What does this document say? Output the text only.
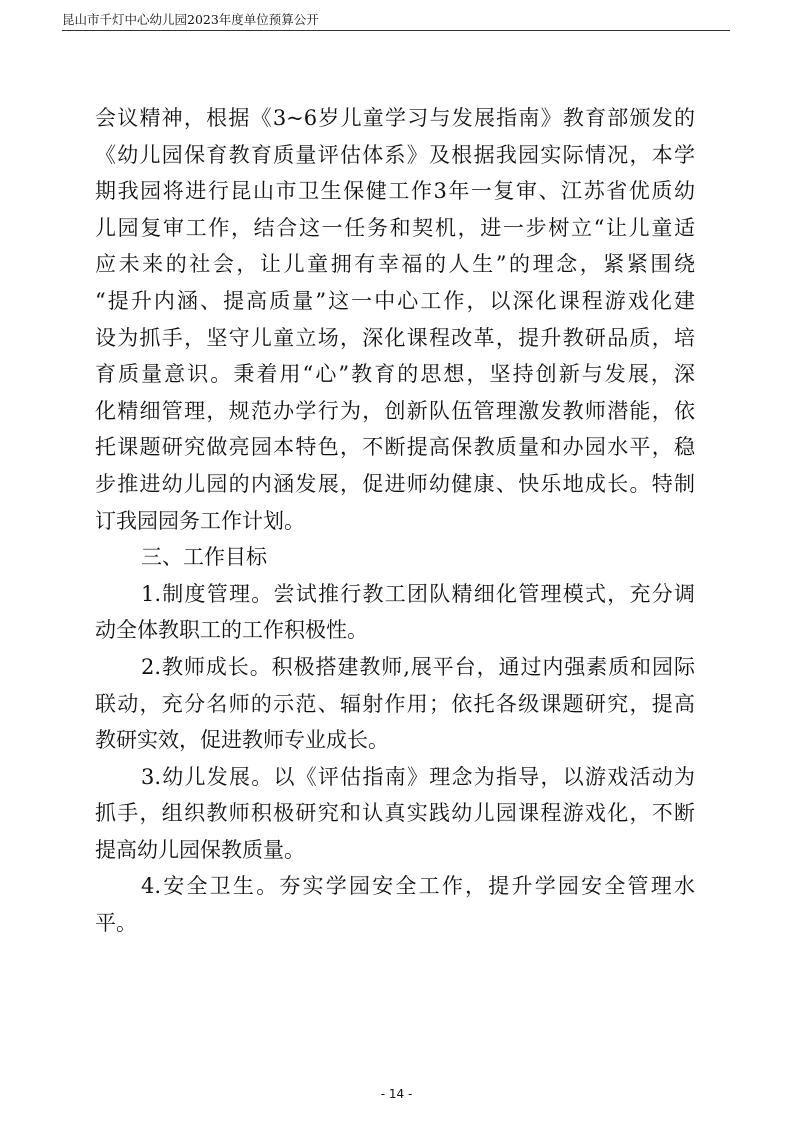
昆山市千灯中心幼儿园2023年度单位预算公开
会议精神，根据《3~6岁儿童学习与发展指南》教育部颁发的
《幼儿园保育教育质量评估体系》及根据我园实际情况，本学
期我园将进行昆山市卫生保健工作3年一复审、江苏省优质幼
儿园复审工作，结合这一任务和契机，进一步树立“让儿童适
应未来的社会，让儿童拥有幸福的人生”的理念，紧紧围绕
“提升内涵、提高质量”这一中心工作，以深化课程游戏化建
设为抓手，坚守儿童立场，深化课程改革，提升教研品质，培
育质量意识。秉着用“心”教育的思想，坚持创新与发展，深
化精细管理，规范办学行为，创新队伍管理激发教师潜能，依
托课题研究做亮园本特色，不断提高保教质量和办园水平，稳
步推进幼儿园的内涵发展，促进师幼健康、快乐地成长。特制
订我园园务工作计划。
三、工作目标
1.制度管理。尝试推行教工团队精细化管理模式，充分调
动全体教职工的工作积极性。
2.教师成长。积极搭建教师,展平台，通过内强素质和园际
联动，充分名师的示范、辐射作用；依托各级课题研究，提高
教研实效，促进教师专业成长。
3.幼儿发展。以《评估指南》理念为指导，以游戏活动为
抓手，组织教师积极研究和认真实践幼儿园课程游戏化，不断
提高幼儿园保教质量。
4.安全卫生。夯实学园安全工作，提升学园安全管理水
平。
- 14 -
